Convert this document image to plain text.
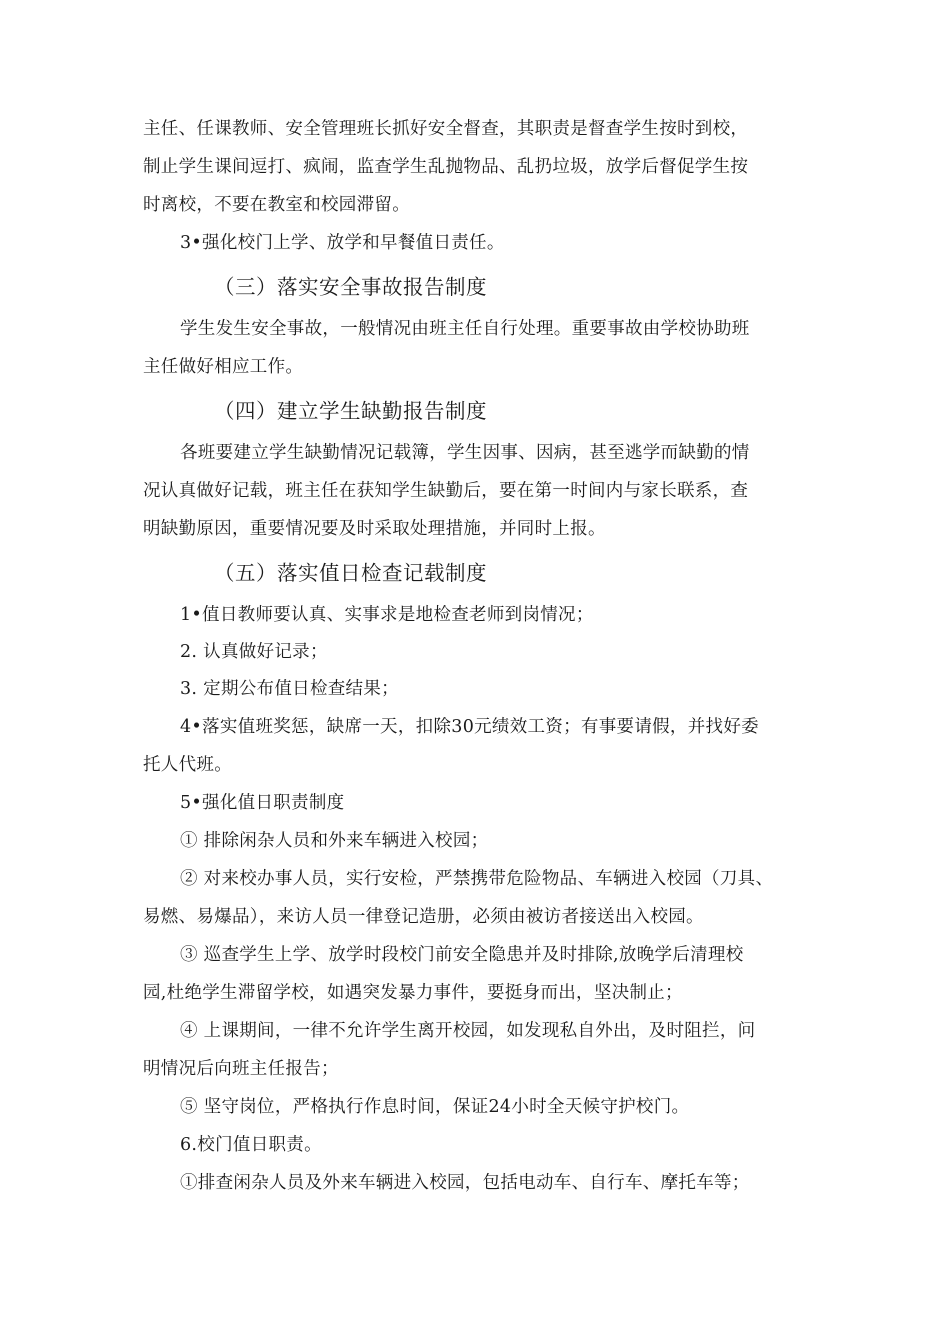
主任、任课教师、安全管理班长抓好安全督查，其职责是督查学生按时到校，
制止学生课间逗打、疯闹，监查学生乱抛物品、乱扔垃圾，放学后督促学生按
时离校，不要在教室和校园滞留。
3•强化校门上学、放学和早餐值日责任。
（三）落实安全事故报告制度
学生发生安全事故，一般情况由班主任自行处理。重要事故由学校协助班
主任做好相应工作。
（四）建立学生缺勤报告制度
各班要建立学生缺勤情况记载簿，学生因事、因病，甚至逃学而缺勤的情
况认真做好记载，班主任在获知学生缺勤后，要在第一时间内与家长联系，查
明缺勤原因，重要情况要及时采取处理措施，并同时上报。
（五）落实值日检查记载制度
1•值日教师要认真、实事求是地检查老师到岗情况；
2. 认真做好记录；
3. 定期公布值日检查结果；
4•落实值班奖惩，缺席一天，扣除30元绩效工资；有事要请假，并找好委
托人代班。
5•强化值日职责制度
① 排除闲杂人员和外来车辆进入校园；
② 对来校办事人员，实行安检，严禁携带危险物品、车辆进入校园（刀具、
易燃、易爆品），来访人员一律登记造册，必须由被访者接送出入校园。
③ 巡查学生上学、放学时段校门前安全隐患并及时排除,放晚学后清理校
园,杜绝学生滞留学校，如遇突发暴力事件，要挺身而出，坚决制止；
④ 上课期间，一律不允许学生离开校园，如发现私自外出，及时阻拦，问
明情况后向班主任报告；
⑤ 坚守岗位，严格执行作息时间，保证24小时全天候守护校门。
6.校门值日职责。
①排查闲杂人员及外来车辆进入校园，包括电动车、自行车、摩托车等；
